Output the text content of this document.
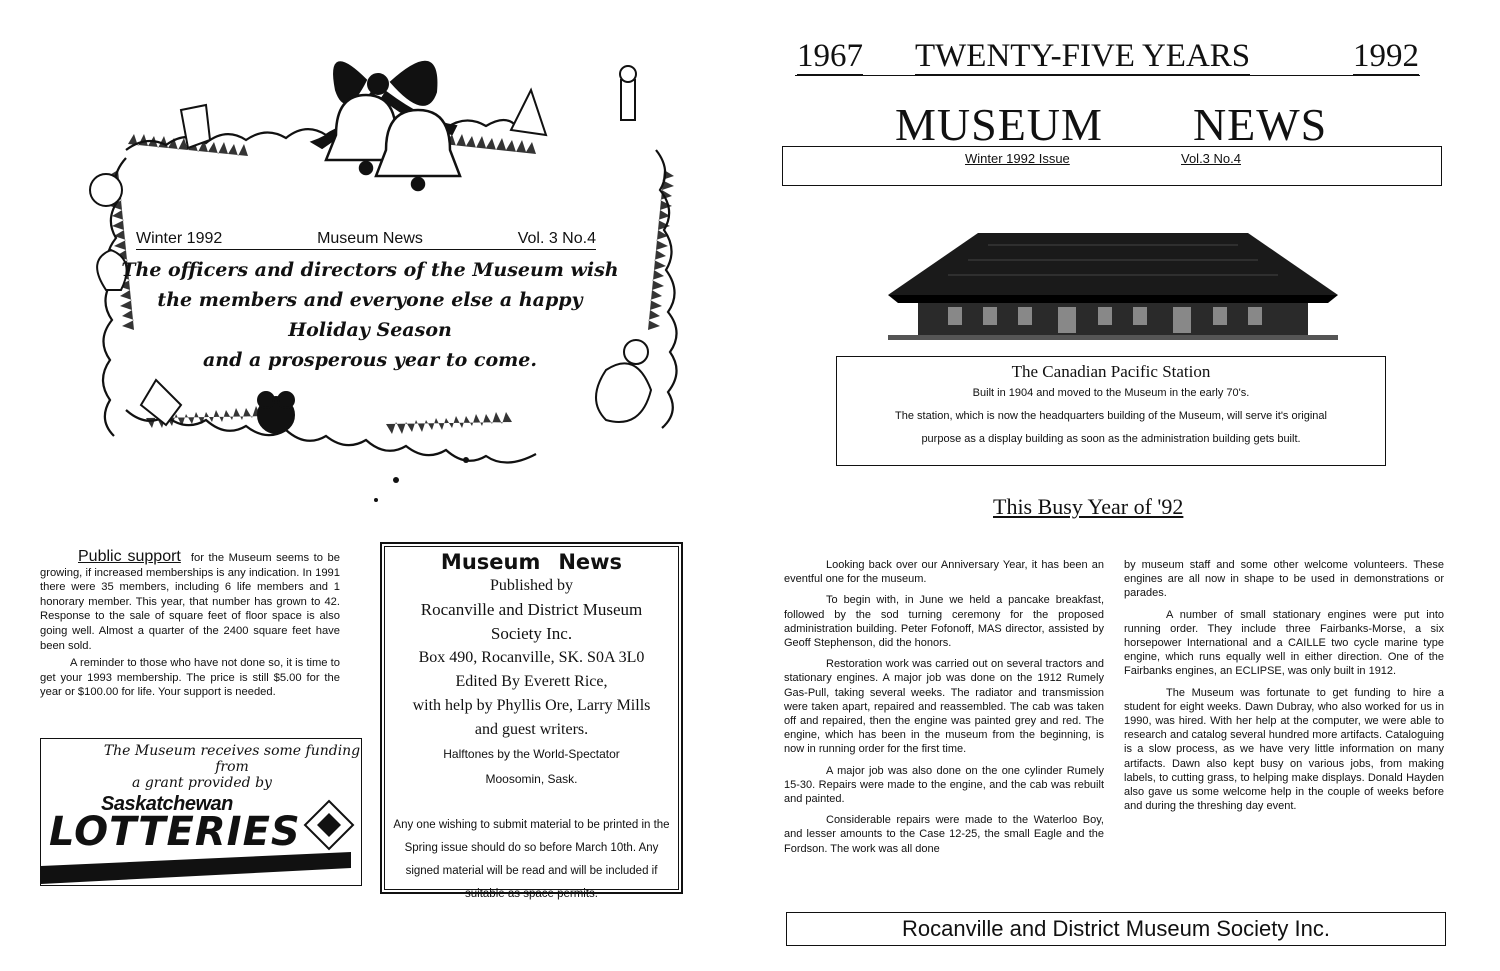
Winter 1992	Museum News	Vol. 3 No.4
The officers and directors of the Museum wish
the members and everyone else a happy
Holiday Season
and a prosperous year to come.

Public support for the Museum seems to be growing, if increased memberships is any indication. In 1991 there were 35 members, including 6 life members and 1 honorary member. This year, that number has grown to 42. Response to the sale of square feet of floor space is also going well. Almost a quarter of the 2400 square feet have been sold.

A reminder to those who have not done so, it is time to get your 1993 membership. The price is still $5.00 for the year or $100.00 for life. Your support is needed.

The Museum receives some funding from
a grant provided by
Saskatchewan
LOTTERIES
Museum News
Published by
Rocanville and District Museum
Society Inc.
Box 490, Rocanville, SK. S0A 3L0
Edited By Everett Rice,
with help by Phyllis Ore, Larry Mills
and guest writers.
Halftones by the World-Spectator
Moosomin, Sask.
Any one wishing to submit material to be printed in the Spring issue should do so before March 10th. Any signed material will be read and will be included if suitable as space permits.
1967 TWENTY-FIVE YEARS	1992
MUSEUM NEWS
Winter 1992 Issue	Vol.3 No.4
The Canadian Pacific Station
Built in 1904 and moved to the Museum in the early 70's.
The station, which is now the headquarters building of the Museum, will serve it's original
purpose as a display building as soon as the administration building gets built.
This Busy Year of '92

Looking back over our Anniversary Year, it has been an eventful one for the museum.

To begin with, in June we held a pancake breakfast, followed by the sod turning ceremony for the proposed administration building. Peter Fofonoff, MAS director, assisted by Geoff Stephenson, did the honors.

Restoration work was carried out on several tractors and stationary engines. A major job was done on the 1912 Rumely Gas-Pull, taking several weeks. The radiator and transmission were taken apart, repaired and reassembled. The cab was taken off and repaired, then the engine was painted grey and red. The engine, which has been in the museum from the beginning, is now in running order for the first time.

A major job was also done on the one cylinder Rumely 15-30. Repairs were made to the engine, and the cab was rebuilt and painted.

Considerable repairs were made to the Waterloo Boy, and lesser amounts to the Case 12-25, the small Eagle and the Fordson. The work was all done

by museum staff and some other welcome volunteers. These engines are all now in shape to be used in demonstrations or parades.

A number of small stationary engines were put into running order. They include three Fairbanks-Morse, a six horsepower International and a CAILLE two cycle marine type engine, which runs equally well in either direction. One of the Fairbanks engines, an ECLIPSE, was only built in 1912.

The Museum was fortunate to get funding to hire a student for eight weeks. Dawn Dubray, who also worked for us in 1990, was hired. With her help at the computer, we were able to research and catalog several hundred more artifacts. Cataloguing is a slow process, as we have very little information on many artifacts. Dawn also kept busy on various jobs, from making labels, to cutting grass, to helping make displays. Donald Hayden also gave us some welcome help in the couple of weeks before and during the threshing day event.

Rocanville and District Museum Society Inc.
